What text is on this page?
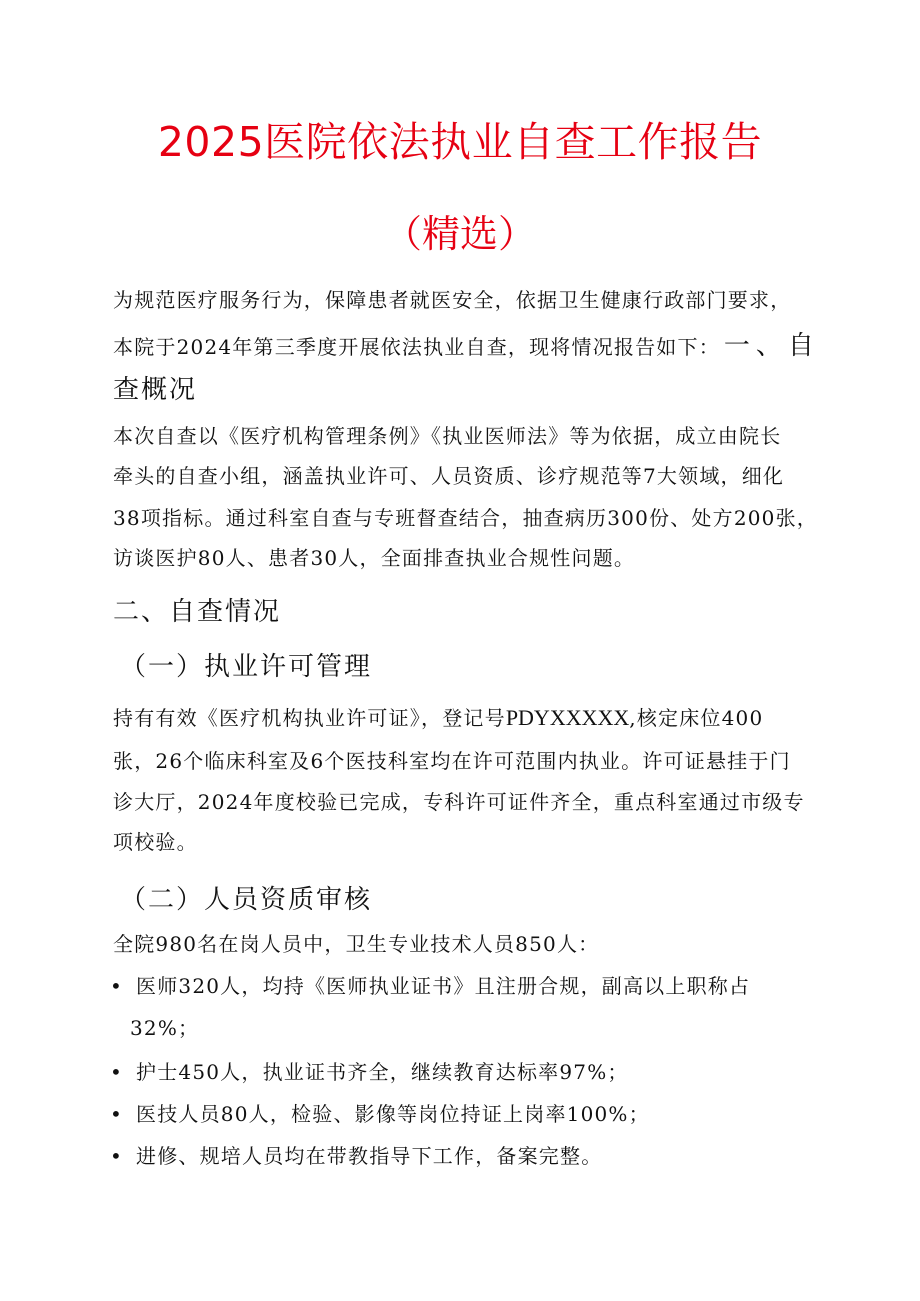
2025医院依法执业自查工作报告
（精选）
为规范医疗服务行为，保障患者就医安全，依据卫生健康行政部门要求，
本院于2024年第三季度开展依法执业自查，现将情况报告如下： 一、自
查概况
本次自查以《医疗机构管理条例》《执业医师法》等为依据，成立由院长
牵头的自查小组，涵盖执业许可、人员资质、诊疗规范等7大领域，细化
38项指标。通过科室自查与专班督查结合，抽查病历300份、处方200张，
访谈医护80人、患者30人，全面排查执业合规性问题。
二、自查情况
（一）执业许可管理
持有有效《医疗机构执业许可证》，登记号PDYXXXXX,核定床位400
张，26个临床科室及6个医技科室均在许可范围内执业。许可证悬挂于门
诊大厅，2024年度校验已完成，专科许可证件齐全，重点科室通过市级专
项校验。
（二）人员资质审核
全院980名在岗人员中，卫生专业技术人员850人：
• 医师320人，均持《医师执业证书》且注册合规，副高以上职称占
32%；
• 护士450人，执业证书齐全，继续教育达标率97%；
• 医技人员80人，检验、影像等岗位持证上岗率100%；
• 进修、规培人员均在带教指导下工作，备案完整。
